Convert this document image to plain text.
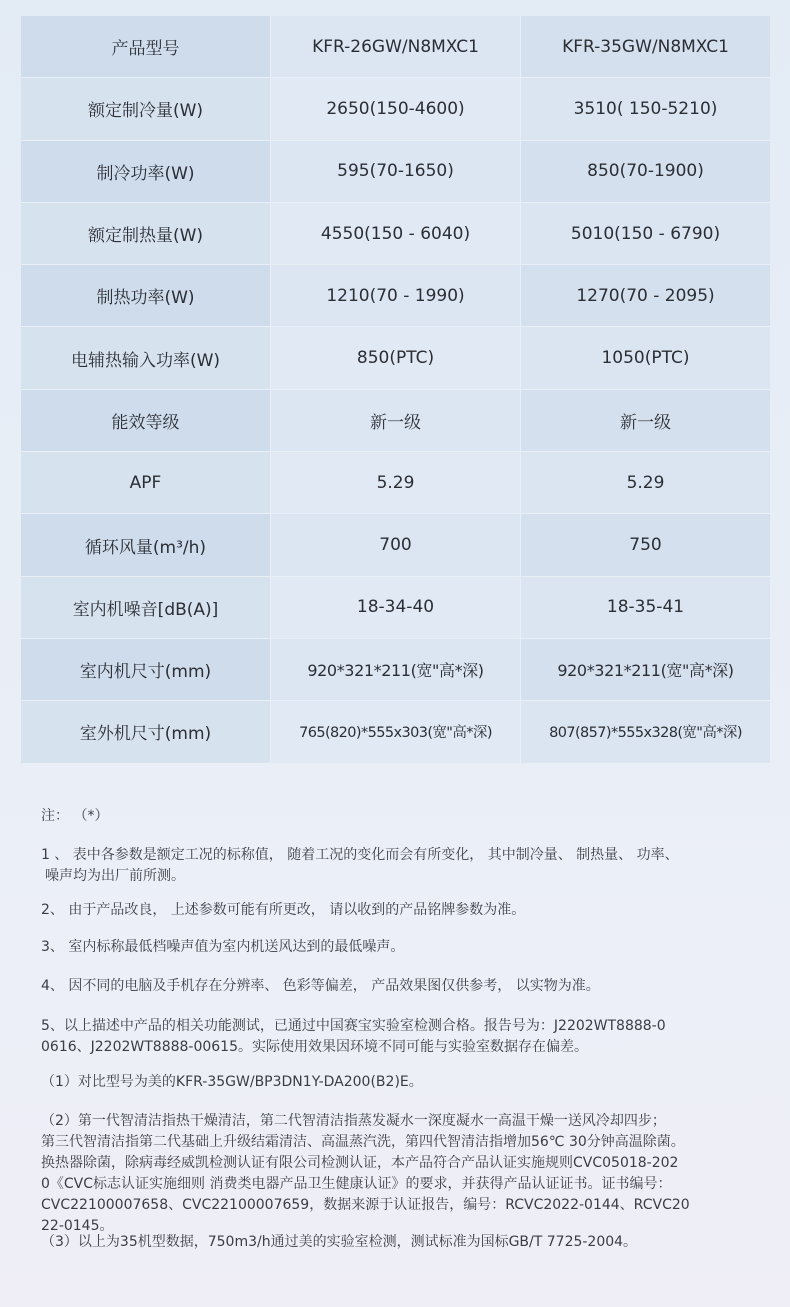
产品型号	KFR-26GW/N8MXC1	KFR-35GW/N8MXC1
额定制冷量(W)	2650(150-4600)	3510( 150-5210)
制冷功率(W)	595(70-1650)	850(70-1900)
额定制热量(W)	4550(150 - 6040)	5010(150 - 6790)
制热功率(W)	1210(70 - 1990)	1270(70 - 2095)
电辅热输入功率(W)	850(PTC)	1050(PTC)
能效等级	新一级	新一级
APF	5.29	5.29
循环风量(m³/h)	700	750
室内机噪音[dB(A)]	18-34-40	18-35-41
室内机尺寸(mm)	920*321*211(宽"高*深)	920*321*211(宽"高*深)
室外机尺寸(mm)	765(820)*555x303(宽"高*深)	807(857)*555x328(宽"高*深)

注： （*）

1 、 表中各参数是额定工况的标称值， 随着工况的变化而会有所变化， 其中制冷量、 制热量、 功率、

噪声均为出厂前所测。

2、 由于产品改良， 上述参数可能有所更改， 请以收到的产品铭牌参数为准。

3、 室内标称最低档噪声值为室内机送风达到的最低噪声。

4、 因不同的电脑及手机存在分辨率、 色彩等偏差， 产品效果图仅供参考， 以实物为准。

5、以上描述中产品的相关功能测试，已通过中国赛宝实验室检测合格。报告号为：J2202WT8888-0

0616、J2202WT8888-00615。实际使用效果因环境不同可能与实验室数据存在偏差。

（1）对比型号为美的KFR-35GW/BP3DN1Y-DA200(B2)E。

（2）第一代智清洁指热干燥清洁，第二代智清洁指蒸发凝水一深度凝水一高温干燥一送风冷却四步；

第三代智清洁指第二代基础上升级结霜清洁、高温蒸汽洗，第四代智清洁指增加56℃ 30分钟高温除菌。

换热器除菌，除病毒经威凯检测认证有限公司检测认证，本产品符合产品认证实施规则CVC05018-202

0《CVC标志认证实施细则 消费类电器产品卫生健康认证》的要求，并获得产品认证证书。证书编号：

CVC22100007658、CVC22100007659，数据来源于认证报告，编号：RCVC2022-0144、RCVC20

22-0145。

（3）以上为35机型数据，750m3/h通过美的实验室检测，测试标准为国标GB/T 7725-2004。
